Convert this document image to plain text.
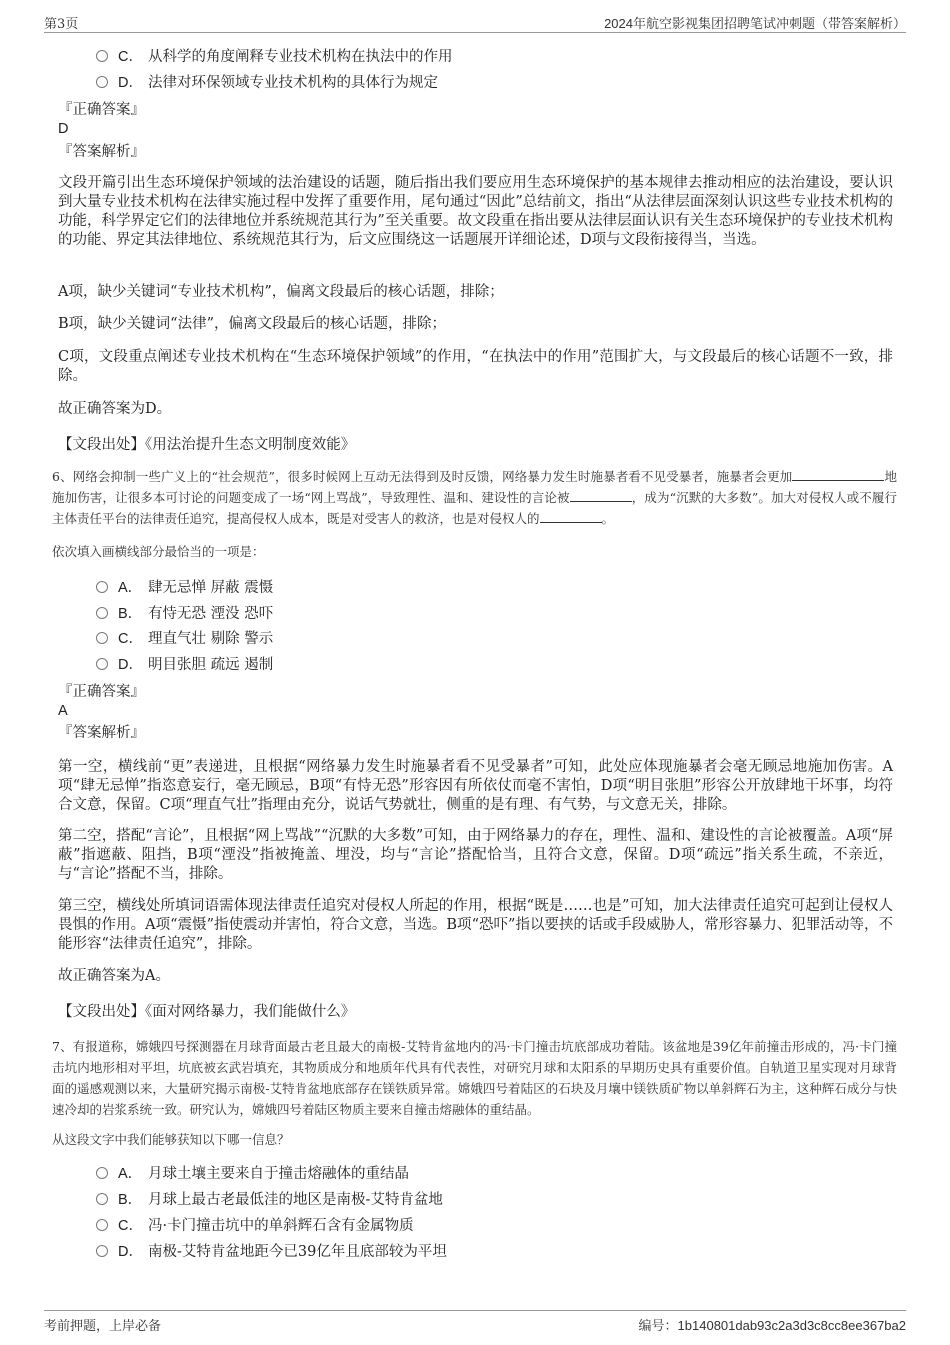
第3页	2024年航空影视集团招聘笔试冲刺题（带答案解析）
C． 从科学的角度阐释专业技术机构在执法中的作用
D． 法律对环保领域专业技术机构的具体行为规定
『正确答案』
D
『答案解析』
文段开篇引出生态环境保护领域的法治建设的话题，随后指出我们要应用生态环境保护的基本规律去推动相应的法治建设，要认识到大量专业技术机构在法律实施过程中发挥了重要作用，尾句通过“因此”总结前文，指出“从法律层面深刻认识这些专业技术机构的功能，科学界定它们的法律地位并系统规范其行为”至关重要。故文段重在指出要从法律层面认识有关生态环境保护的专业技术机构的功能、界定其法律地位、系统规范其行为，后文应围绕这一话题展开详细论述，D项与文段衔接得当，当选。
A项，缺少关键词“专业技术机构”，偏离文段最后的核心话题，排除；
B项，缺少关键词“法律”，偏离文段最后的核心话题，排除；
C项，文段重点阐述专业技术机构在“生态环境保护领域”的作用，“在执法中的作用”范围扩大，与文段最后的核心话题不一致，排除。
故正确答案为D。
【文段出处】《用法治提升生态文明制度效能》
6、网络会抑制一些广义上的“社会规范”，很多时候网上互动无法得到及时反馈，网络暴力发生时施暴者看不见受暴者，施暴者会更加	地施加伤害，让很多本可讨论的问题变成了一场“网上骂战”，导致理性、温和、建设性的言论被	，成为“沉默的大多数”。加大对侵权人或不履行主体责任平台的法律责任追究，提高侵权人成本，既是对受害人的救济，也是对侵权人的	。
依次填入画横线部分最恰当的一项是：
A． 肆无忌惮 屏蔽 震慑
B． 有恃无恐 湮没 恐吓
C． 理直气壮 剔除 警示
D． 明目张胆 疏远 遏制
『正确答案』
A
『答案解析』
第一空，横线前“更”表递进，且根据“网络暴力发生时施暴者看不见受暴者”可知，此处应体现施暴者会毫无顾忌地施加伤害。A项“肆无忌惮”指恣意妄行，毫无顾忌，B项“有恃无恐”形容因有所依仗而毫不害怕，D项“明目张胆”形容公开放肆地干坏事，均符合文意，保留。C项“理直气壮”指理由充分，说话气势就壮，侧重的是有理、有气势，与文意无关，排除。
第二空，搭配“言论”，且根据“网上骂战”“沉默的大多数”可知，由于网络暴力的存在，理性、温和、建设性的言论被覆盖。A项“屏蔽”指遮蔽、阻挡，B项“湮没”指被掩盖、埋没，均与“言论”搭配恰当，且符合文意，保留。D项“疏远”指关系生疏，不亲近，与“言论”搭配不当，排除。
第三空，横线处所填词语需体现法律责任追究对侵权人所起的作用，根据“既是……也是”可知，加大法律责任追究可起到让侵权人畏惧的作用。A项“震慑”指使震动并害怕，符合文意，当选。B项“恐吓”指以要挟的话或手段威胁人，常形容暴力、犯罪活动等，不能形容“法律责任追究”，排除。
故正确答案为A。
【文段出处】《面对网络暴力，我们能做什么》
7、有报道称，嫦娥四号探测器在月球背面最古老且最大的南极-艾特肯盆地内的冯·卡门撞击坑底部成功着陆。该盆地是39亿年前撞击形成的，冯·卡门撞击坑内地形相对平坦，坑底被玄武岩填充，其物质成分和地质年代具有代表性，对研究月球和太阳系的早期历史具有重要价值。自轨道卫星实现对月球背面的遥感观测以来，大量研究揭示南极-艾特肯盆地底部存在镁铁质异常。嫦娥四号着陆区的石块及月壤中镁铁质矿物以单斜辉石为主，这种辉石成分与快速冷却的岩浆系统一致。研究认为，嫦娥四号着陆区物质主要来自撞击熔融体的重结晶。
从这段文字中我们能够获知以下哪一信息？
A． 月球土壤主要来自于撞击熔融体的重结晶
B． 月球上最古老最低洼的地区是南极-艾特肯盆地
C． 冯·卡门撞击坑中的单斜辉石含有金属物质
D． 南极-艾特肯盆地距今已39亿年且底部较为平坦
考前押题，上岸必备	编号：1b140801dab93c2a3d3c8cc8ee367ba2
